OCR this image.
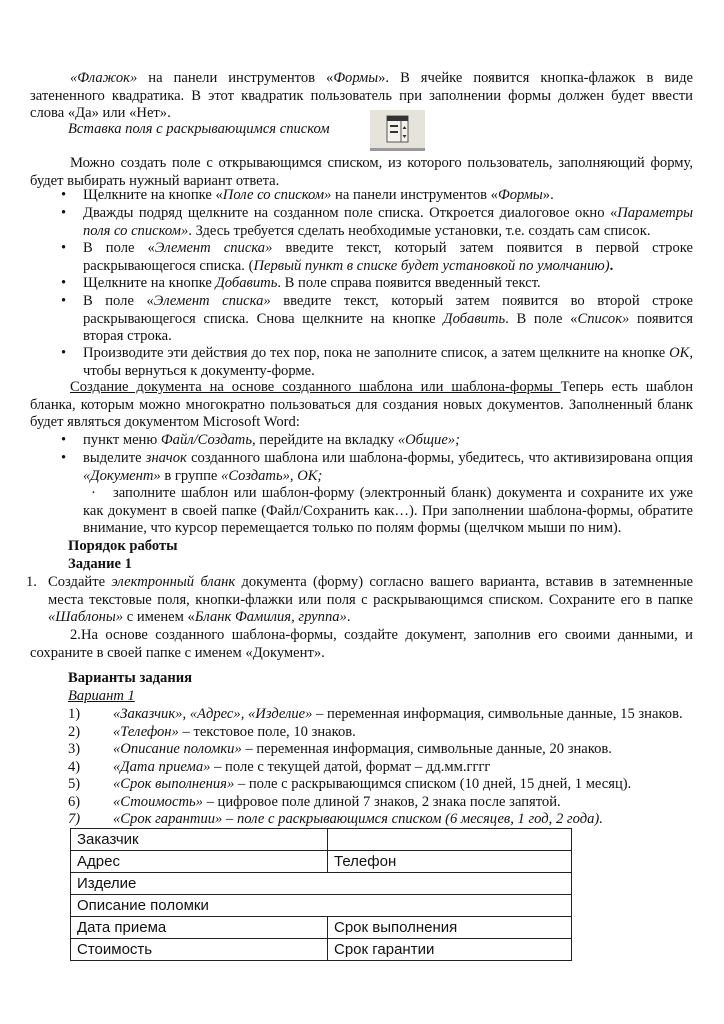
«Флажок» на панели инструментов «Формы». В ячейке появится кнопка-флажок в виде затененного квадратика. В этот квадратик пользователь при заполнении формы должен будет ввести слова «Да» или «Нет».
Вставка поля с раскрывающимся списком
Можно создать поле с открывающимся списком, из которого пользователь, заполняющий форму, будет выбирать нужный вариант ответа.
• Щелкните на кнопке «Поле со списком» на панели инструментов «Формы».
• Дважды подряд щелкните на созданном поле списка. Откроется диалоговое окно «Параметры поля со списком». Здесь требуется сделать необходимые установки, т.е. создать сам список.
• В поле «Элемент списка» введите текст, который затем появится в первой строке раскрывающегося списка. (Первый пункт в списке будет установкой по умолчанию).
• Щелкните на кнопке Добавить. В поле справа появится введенный текст.
• В поле «Элемент списка» введите текст, который затем появится во второй строке раскрывающегося списка. Снова щелкните на кнопке Добавить. В поле «Список» появится вторая строка.
• Производите эти действия до тех пор, пока не заполните список, а затем щелкните на кнопке ОК, чтобы вернуться к документу-форме.
Создание документа на основе созданного шаблона или шаблона-формы Теперь есть шаблон бланка, которым можно многократно пользоваться для создания новых документов. Заполненный бланк будет являться документом Microsoft Word:
• пункт меню Файл/Создать, перейдите на вкладку «Общие»;
• выделите значок созданного шаблона или шаблона-формы, убедитесь, что активизирована опция «Документ» в группе «Создать», ОК;
· заполните шаблон или шаблон-форму (электронный бланк) документа и сохраните их уже как документ в своей папке (Файл/Сохранить как…). При заполнении шаблона-формы, обратите внимание, что курсор перемещается только по полям формы (щелчком мыши по ним).
Порядок работы
Задание 1
1. Создайте электронный бланк документа (форму) согласно вашего варианта, вставив в затемненные места текстовые поля, кнопки-флажки или поля с раскрывающимся списком. Сохраните его в папке «Шаблоны» с именем «Бланк Фамилия, группа».
2.На основе созданного шаблона-формы, создайте документ, заполнив его своими данными, и сохраните в своей папке с именем «Документ».
Варианты задания
Вариант 1
1) «Заказчик», «Адрес», «Изделие» – переменная информация, символьные данные, 15 знаков.
2) «Телефон» – текстовое поле, 10 знаков.
3) «Описание поломки» – переменная информация, символьные данные, 20 знаков.
4) «Дата приема» – поле с текущей датой, формат – дд.мм.гггг
5) «Срок выполнения» – поле с раскрывающимся списком (10 дней, 15 дней, 1 месяц).
6) «Стоимость» – цифровое поле длиной 7 знаков, 2 знака после запятой.
7) «Срок гарантии» – поле с раскрывающимся списком (6 месяцев, 1 год, 2 года).
Заказчик	
Адрес	Телефон
Изделие	
Описание поломки	
Дата приема	Срок выполнения
Стоимость	Срок гарантии
